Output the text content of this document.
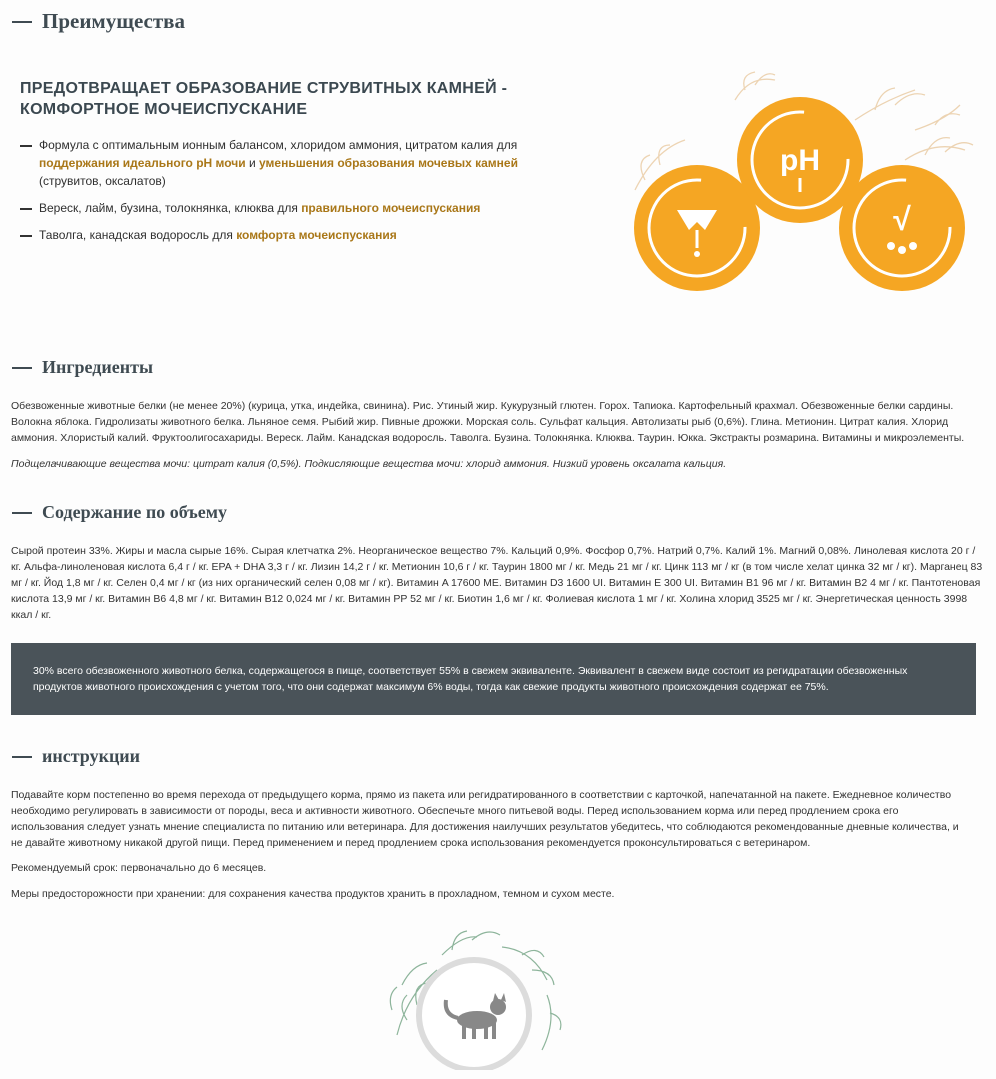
Преимущества
ПРЕДОТВРАЩАЕТ ОБРАЗОВАНИЕ СТРУВИТНЫХ КАМНЕЙ - КОМФОРТНОЕ МОЧЕИСПУСКАНИЕ
Формула с оптимальным ионным балансом, хлоридом аммония, цитратом калия для поддержания идеального pH мочи и уменьшения образования мочевых камней (струвитов, оксалатов)
Вереск, лайм, бузина, толокнянка, клюква для правильного мочеиспускания
Таволга, канадская водоросль для комфорта мочеиспускания
pH
√
Ингредиенты
Обезвоженные животные белки (не менее 20%) (курица, утка, индейка, свинина). Рис. Утиный жир. Кукурузный глютен. Горох. Тапиока. Картофельный крахмал. Обезвоженные белки сардины. Волокна яблока. Гидролизаты животного белка. Льняное семя. Рыбий жир. Пивные дрожжи. Морская соль. Сульфат кальция. Автолизаты рыб (0,6%). Глина. Метионин. Цитрат калия. Хлорид аммония. Хлористый калий. Фруктоолигосахариды. Вереск. Лайм. Канадская водоросль. Таволга. Бузина. Толокнянка. Клюква. Таурин. Юкка. Экстракты розмарина. Витамины и микроэлементы.
Подщелачивающие вещества мочи: цитрат калия (0,5%). Подкисляющие вещества мочи: хлорид аммония. Низкий уровень оксалата кальция.
Содержание по объему
Сырой протеин 33%. Жиры и масла сырые 16%. Сырая клетчатка 2%. Неорганическое вещество 7%. Кальций 0,9%. Фосфор 0,7%. Натрий 0,7%. Калий 1%. Магний 0,08%. Линолевая кислота 20 г / кг. Альфа-линоленовая кислота 6,4 г / кг. EPA + DHA 3,3 г / кг. Лизин 14,2 г / кг. Метионин 10,6 г / кг. Таурин 1800 мг / кг. Медь 21 мг / кг. Цинк 113 мг / кг (в том числе хелат цинка 32 мг / кг). Марганец 83 мг / кг. Йод 1,8 мг / кг. Селен 0,4 мг / кг (из них органический селен 0,08 мг / кг). Витамин A 17600 МЕ. Витамин D3 1600 UI. Витамин E 300 UI. Витамин B1 96 мг / кг. Витамин B2 4 мг / кг. Пантотеновая кислота 13,9 мг / кг. Витамин B6 4,8 мг / кг. Витамин B12 0,024 мг / кг. Витамин PP 52 мг / кг. Биотин 1,6 мг / кг. Фолиевая кислота 1 мг / кг. Холина хлорид 3525 мг / кг. Энергетическая ценность 3998 ккал / кг.
30% всего обезвоженного животного белка, содержащегося в пище, соответствует 55% в свежем эквиваленте. Эквивалент в свежем виде состоит из регидратации обезвоженных продуктов животного происхождения с учетом того, что они содержат максимум 6% воды, тогда как свежие продукты животного происхождения содержат ее 75%.
инструкции
Подавайте корм постепенно во время перехода от предыдущего корма, прямо из пакета или регидратированного в соответствии с карточкой, напечатанной на пакете. Ежедневное количество необходимо регулировать в зависимости от породы, веса и активности животного. Обеспечьте много питьевой воды. Перед использованием корма или перед продлением срока его использования следует узнать мнение специалиста по питанию или ветеринара. Для достижения наилучших результатов убедитесь, что соблюдаются рекомендованные дневные количества, и не давайте животному никакой другой пищи. Перед применением и перед продлением срока использования рекомендуется проконсультироваться с ветеринаром.
Рекомендуемый срок: первоначально до 6 месяцев.
Меры предосторожности при хранении: для сохранения качества продуктов хранить в прохладном, темном и сухом месте.
